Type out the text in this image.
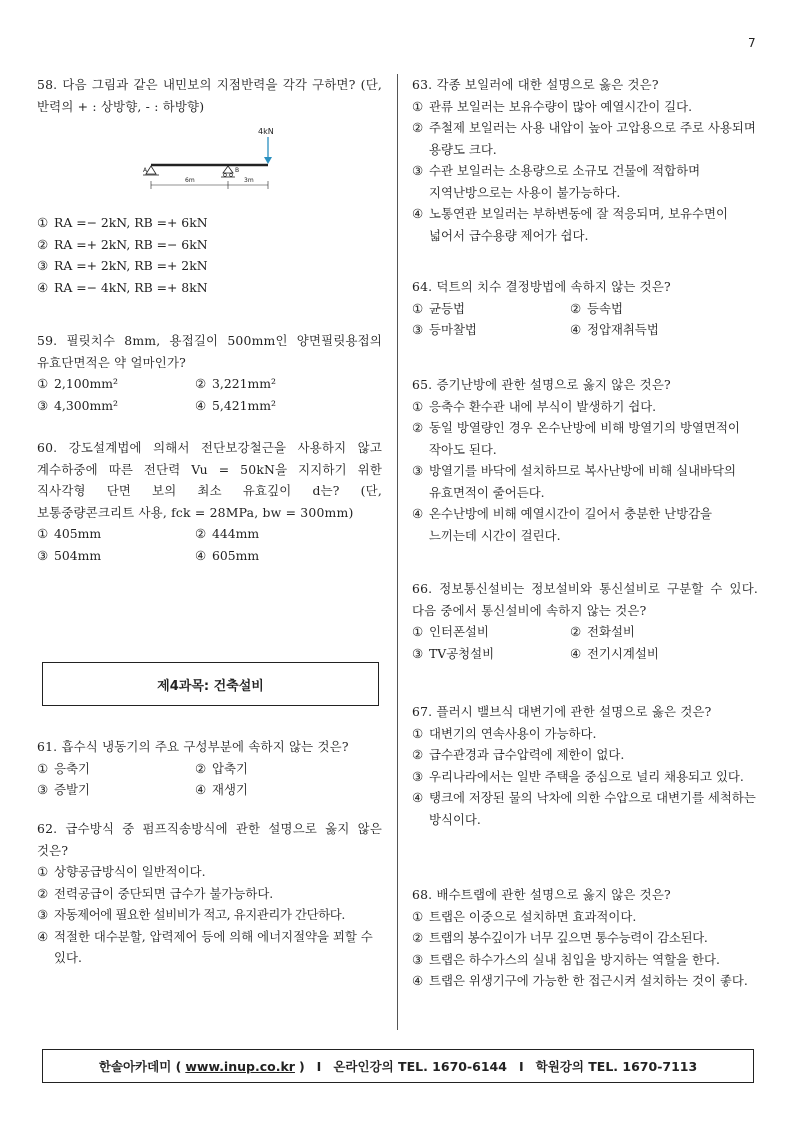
7
58. 다음 그림과 같은 내민보의 지점반력을 각각 구하면? (단, 반력의 + : 상방향, - : 하방향)
4kN
A	B
6m	3m
① RA =− 2kN, RB =+ 6kN
② RA =+ 2kN, RB =− 6kN
③ RA =+ 2kN, RB =+ 2kN
④ RA =− 4kN, RB =+ 8kN
59. 필릿치수 8mm, 용접길이 500mm인 양면필릿용접의 유효단면적은 약 얼마인가?
① 2,100mm²	② 3,221mm²
③ 4,300mm²	④ 5,421mm²
60. 강도설계법에 의해서 전단보강철근을 사용하지 않고 계수하중에 따른 전단력 Vu = 50kN을 지지하기 위한 직사각형 단면 보의 최소 유효깊이 d는? (단, 보통중량콘크리트 사용, fck = 28MPa, bw = 300mm)
① 405mm	② 444mm
③ 504mm	④ 605mm
61. 흡수식 냉동기의 주요 구성부분에 속하지 않는 것은?
① 응축기	② 압축기
③ 증발기	④ 재생기
62. 급수방식 중 펌프직송방식에 관한 설명으로 옳지 않은 것은?
① 상향공급방식이 일반적이다.
② 전력공급이 중단되면 급수가 불가능하다.
③ 자동제어에 필요한 설비비가 적고, 유지관리가 간단하다.
④ 적절한 대수분할, 압력제어 등에 의해 에너지절약을 꾀할 수 있다.
제4과목: 건축설비
63. 각종 보일러에 대한 설명으로 옳은 것은?
① 관류 보일러는 보유수량이 많아 예열시간이 길다.
② 주철제 보일러는 사용 내압이 높아 고압용으로 주로 사용되며 용량도 크다.
③ 수관 보일러는 소용량으로 소규모 건물에 적합하며 지역난방으로는 사용이 불가능하다.
④ 노통연관 보일러는 부하변동에 잘 적응되며, 보유수면이 넓어서 급수용량 제어가 쉽다.
64. 덕트의 치수 결정방법에 속하지 않는 것은?
① 균등법	② 등속법
③ 등마찰법	④ 정압재취득법
65. 증기난방에 관한 설명으로 옳지 않은 것은?
① 응축수 환수관 내에 부식이 발생하기 쉽다.
② 동일 방열량인 경우 온수난방에 비해 방열기의 방열면적이 작아도 된다.
③ 방열기를 바닥에 설치하므로 복사난방에 비해 실내바닥의 유효면적이 줄어든다.
④ 온수난방에 비해 예열시간이 길어서 충분한 난방감을 느끼는데 시간이 걸린다.
66. 정보통신설비는 정보설비와 통신설비로 구분할 수 있다. 다음 중에서 통신설비에 속하지 않는 것은?
① 인터폰설비	② 전화설비
③ TV공청설비	④ 전기시계설비
67. 플러시 밸브식 대변기에 관한 설명으로 옳은 것은?
① 대변기의 연속사용이 가능하다.
② 급수관경과 급수압력에 제한이 없다.
③ 우리나라에서는 일반 주택을 중심으로 널리 채용되고 있다.
④ 탱크에 저장된 물의 낙차에 의한 수압으로 대변기를 세척하는 방식이다.
68. 배수트랩에 관한 설명으로 옳지 않은 것은?
① 트랩은 이중으로 설치하면 효과적이다.
② 트랩의 봉수깊이가 너무 깊으면 통수능력이 감소된다.
③ 트랩은 하수가스의 실내 침입을 방지하는 역할을 한다.
④ 트랩은 위생기구에 가능한 한 접근시켜 설치하는 것이 좋다.
한솔아카데미 ( www.inup.co.kr ) I 온라인강의 TEL. 1670-6144 I 학원강의 TEL. 1670-7113
